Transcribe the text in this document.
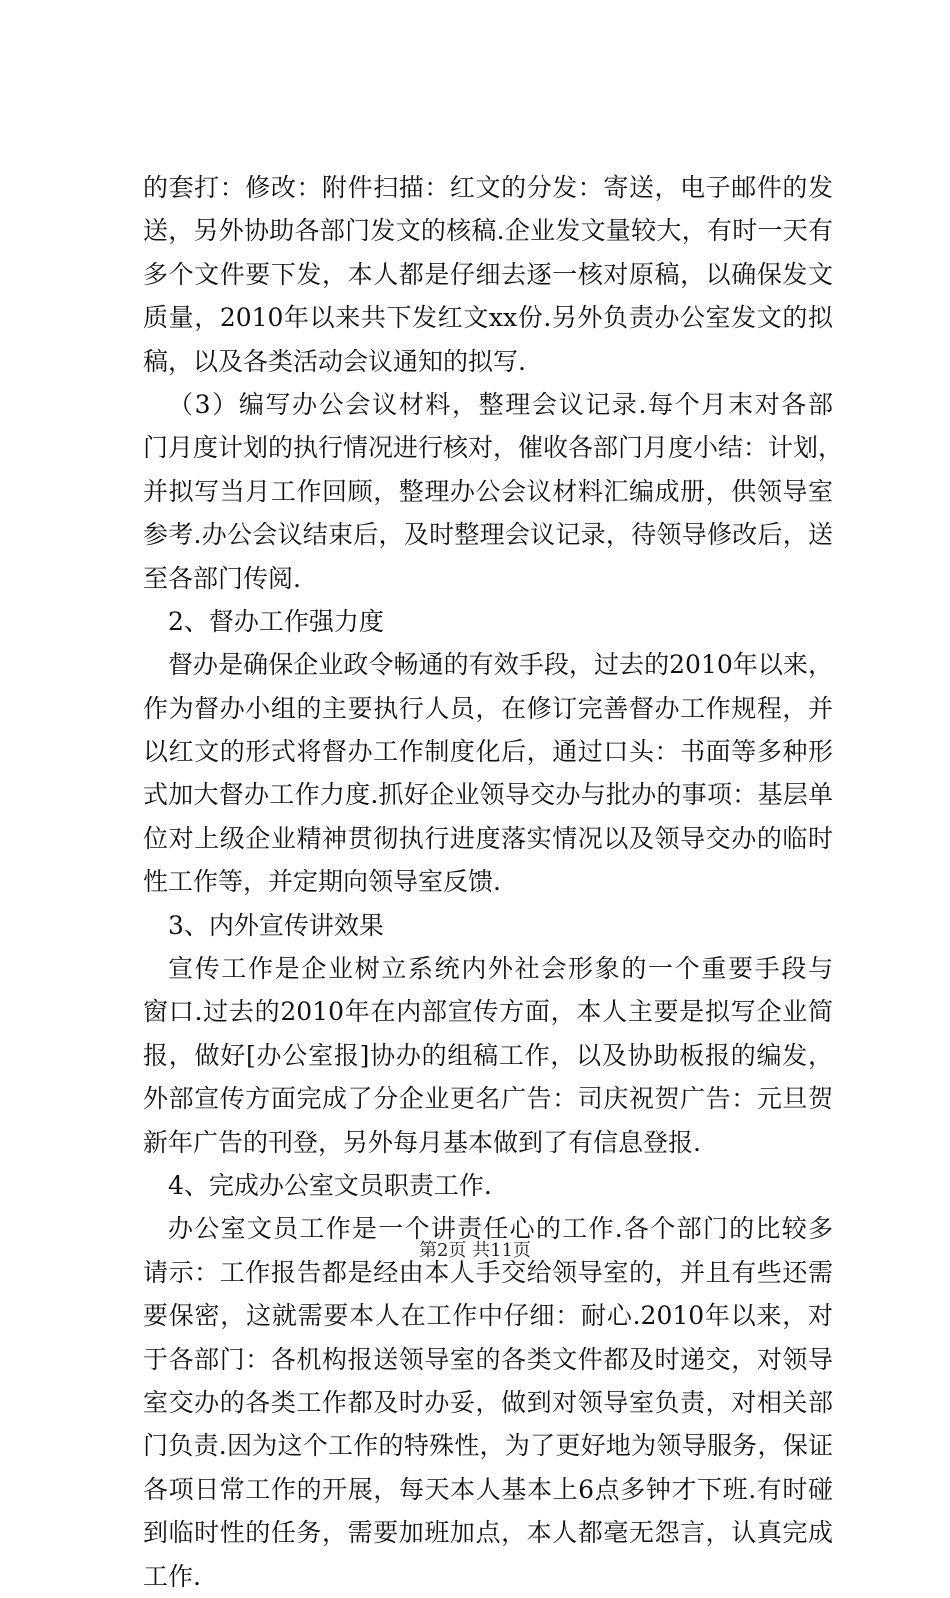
的套打：修改：附件扫描：红文的分发：寄送，电子邮件的发
送，另外协助各部门发文的核稿.企业发文量较大，有时一天有
多个文件要下发，本人都是仔细去逐一核对原稿，以确保发文
质量，2010年以来共下发红文xx份.另外负责办公室发文的拟
稿，以及各类活动会议通知的拟写.
（3）编写办公会议材料，整理会议记录.每个月末对各部
门月度计划的执行情况进行核对，催收各部门月度小结：计划，
并拟写当月工作回顾，整理办公会议材料汇编成册，供领导室
参考.办公会议结束后，及时整理会议记录，待领导修改后，送
至各部门传阅.
2、督办工作强力度
督办是确保企业政令畅通的有效手段，过去的2010年以来，
作为督办小组的主要执行人员，在修订完善督办工作规程，并
以红文的形式将督办工作制度化后，通过口头：书面等多种形
式加大督办工作力度.抓好企业领导交办与批办的事项：基层单
位对上级企业精神贯彻执行进度落实情况以及领导交办的临时
性工作等，并定期向领导室反馈.
3、内外宣传讲效果
宣传工作是企业树立系统内外社会形象的一个重要手段与
窗口.过去的2010年在内部宣传方面，本人主要是拟写企业简
报，做好[办公室报]协办的组稿工作，以及协助板报的编发，
外部宣传方面完成了分企业更名广告：司庆祝贺广告：元旦贺
新年广告的刊登，另外每月基本做到了有信息登报.
4、完成办公室文员职责工作.
办公室文员工作是一个讲责任心的工作.各个部门的比较多
请示：工作报告都是经由本人手交给领导室的，并且有些还需
要保密，这就需要本人在工作中仔细：耐心.2010年以来，对
于各部门：各机构报送领导室的各类文件都及时递交，对领导
室交办的各类工作都及时办妥，做到对领导室负责，对相关部
门负责.因为这个工作的特殊性，为了更好地为领导服务，保证
各项日常工作的开展，每天本人基本上6点多钟才下班.有时碰
到临时性的任务，需要加班加点，本人都毫无怨言，认真完成
工作.
第2页 共11页
